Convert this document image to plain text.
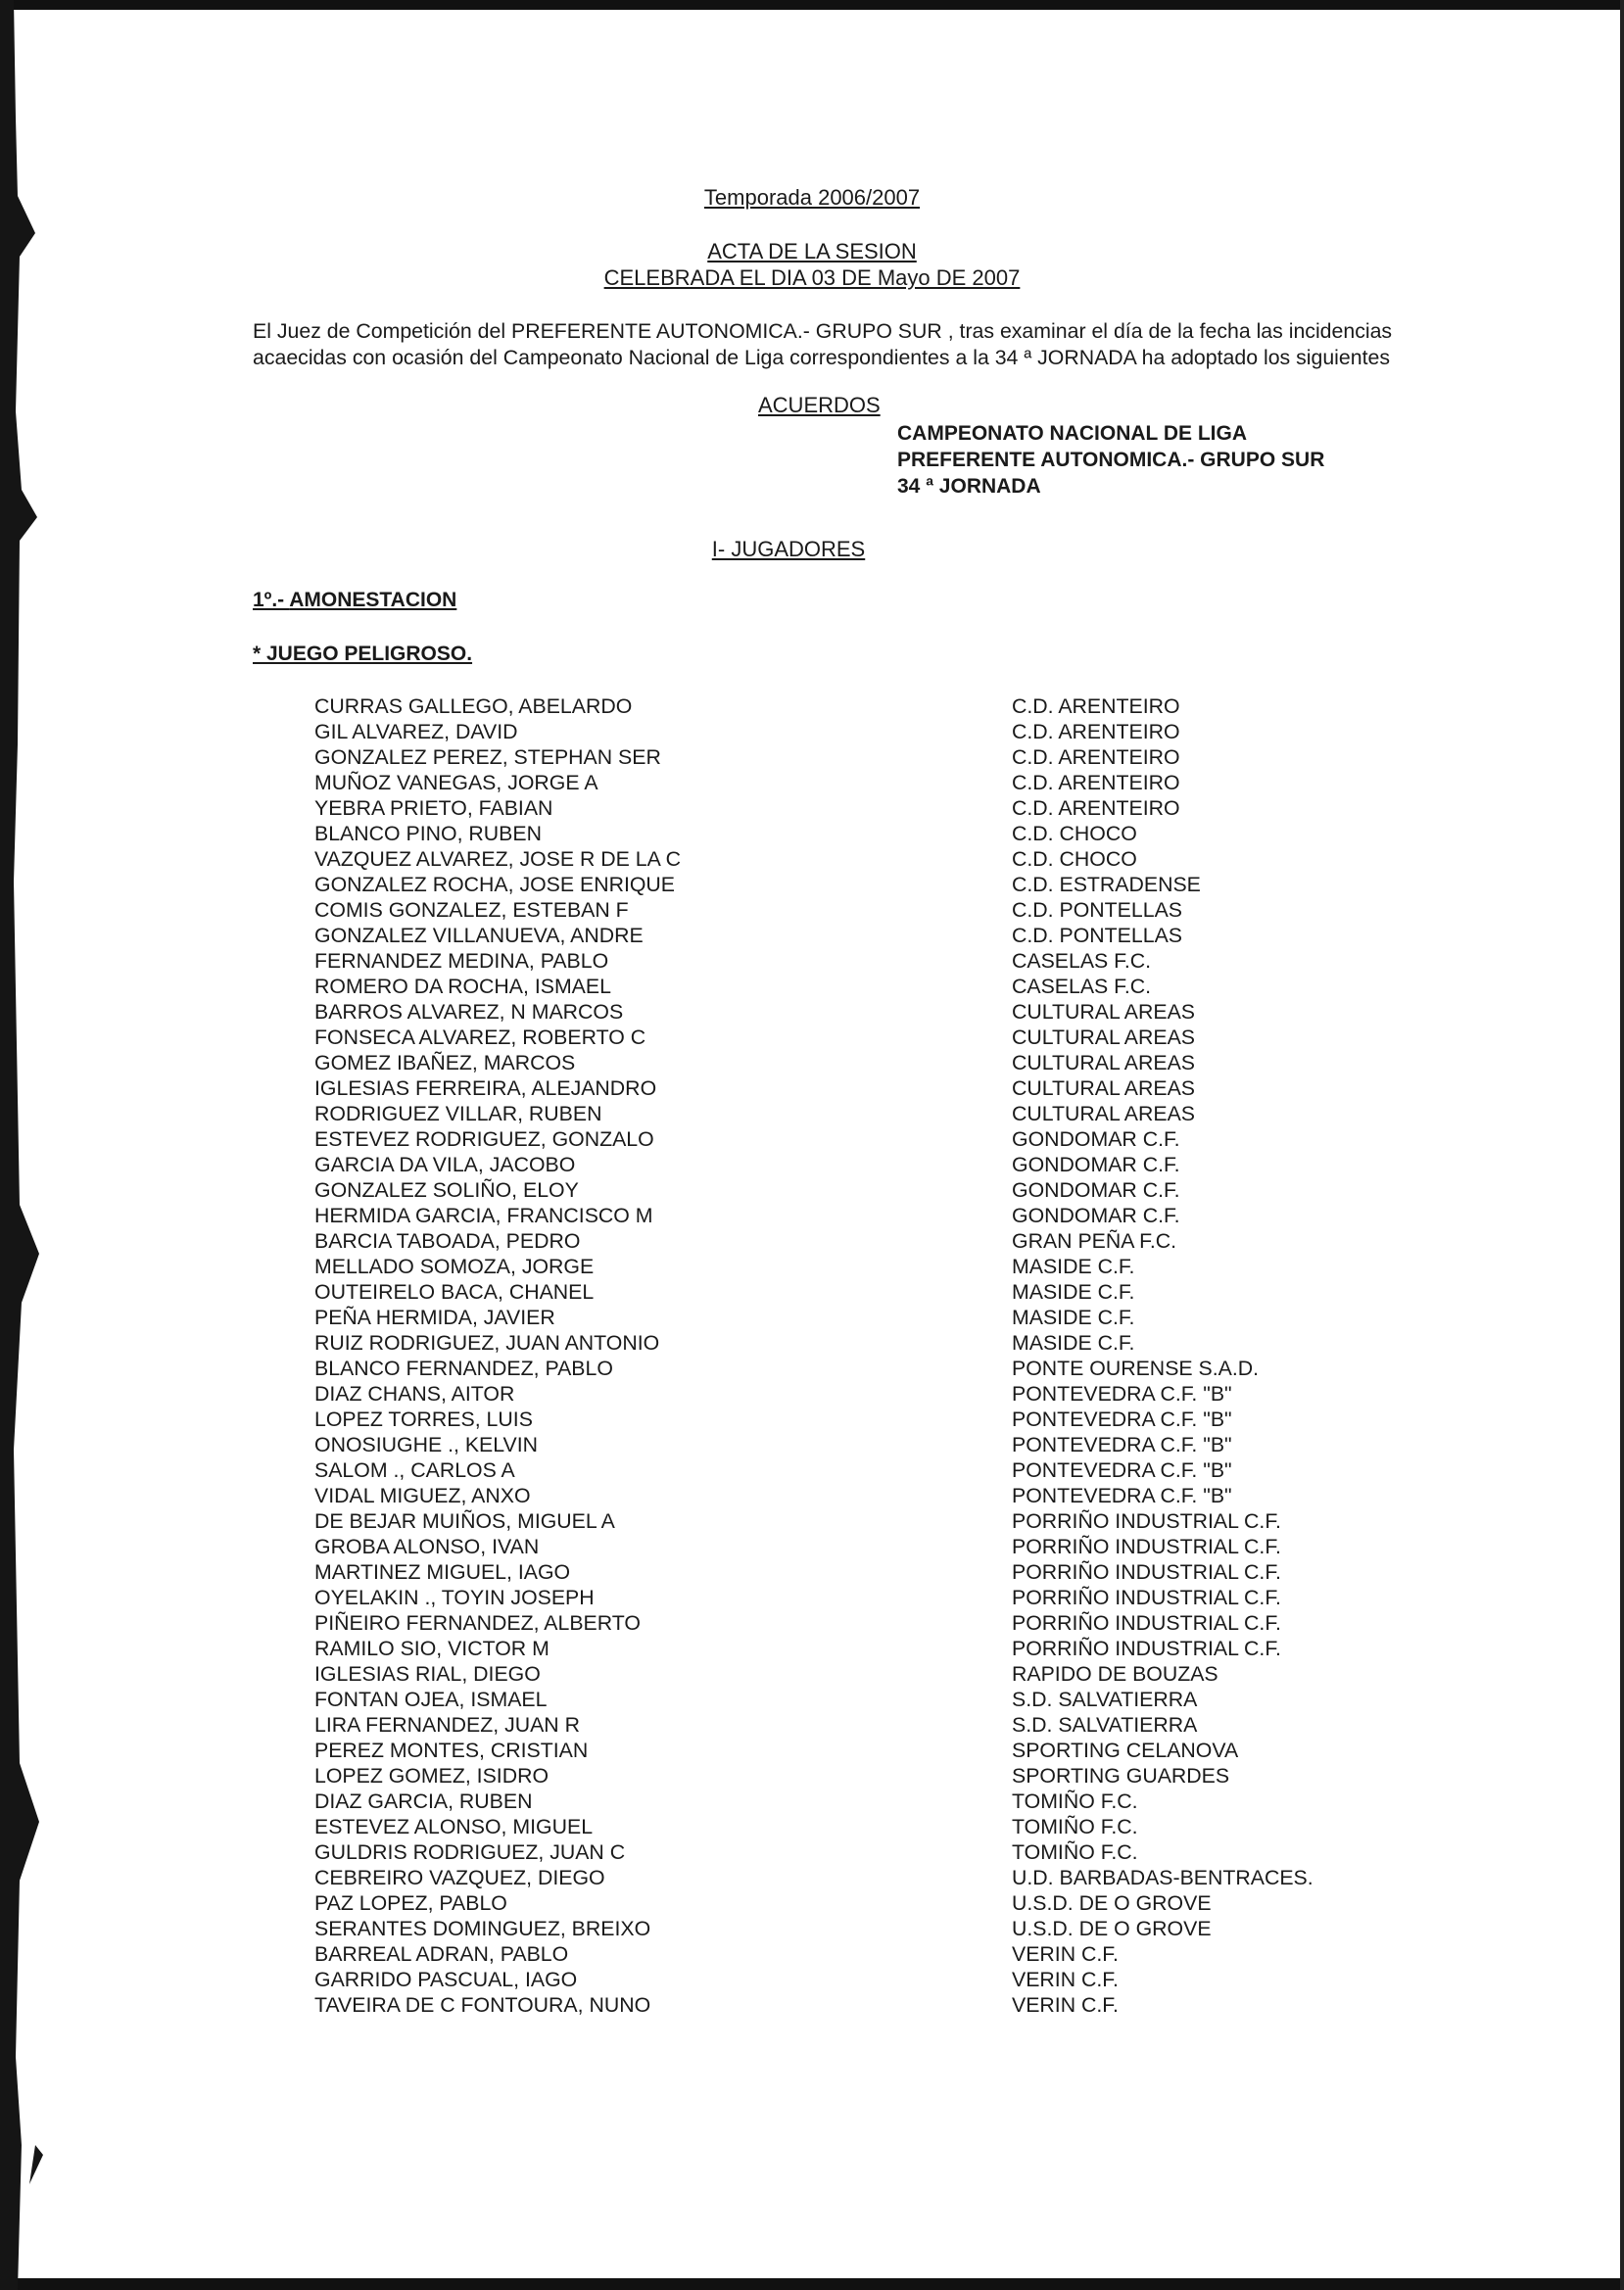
Temporada 2006/2007
ACTA DE LA SESION
CELEBRADA EL DIA 03 DE Mayo DE 2007
El Juez de Competición del PREFERENTE AUTONOMICA.- GRUPO SUR , tras examinar el día de la fecha las incidencias
acaecidas con ocasión del Campeonato Nacional de Liga correspondientes a la 34 ª JORNADA ha adoptado los siguientes
ACUERDOS
CAMPEONATO NACIONAL DE LIGA
PREFERENTE AUTONOMICA.- GRUPO SUR
34 ª JORNADA
I- JUGADORES
1º.- AMONESTACION
* JUEGO PELIGROSO.
CURRAS GALLEGO, ABELARDO	C.D. ARENTEIRO
GIL ALVAREZ, DAVID	C.D. ARENTEIRO
GONZALEZ PEREZ, STEPHAN SER	C.D. ARENTEIRO
MUÑOZ VANEGAS, JORGE A	C.D. ARENTEIRO
YEBRA PRIETO, FABIAN	C.D. ARENTEIRO
BLANCO PINO, RUBEN	C.D. CHOCO
VAZQUEZ ALVAREZ, JOSE R DE LA C	C.D. CHOCO
GONZALEZ ROCHA, JOSE ENRIQUE	C.D. ESTRADENSE
COMIS GONZALEZ, ESTEBAN F	C.D. PONTELLAS
GONZALEZ VILLANUEVA, ANDRE	C.D. PONTELLAS
FERNANDEZ MEDINA, PABLO	CASELAS F.C.
ROMERO DA ROCHA, ISMAEL	CASELAS F.C.
BARROS ALVAREZ, N MARCOS	CULTURAL AREAS
FONSECA ALVAREZ, ROBERTO C	CULTURAL AREAS
GOMEZ IBAÑEZ, MARCOS	CULTURAL AREAS
IGLESIAS FERREIRA, ALEJANDRO	CULTURAL AREAS
RODRIGUEZ VILLAR, RUBEN	CULTURAL AREAS
ESTEVEZ RODRIGUEZ, GONZALO	GONDOMAR C.F.
GARCIA DA VILA, JACOBO	GONDOMAR C.F.
GONZALEZ SOLIÑO, ELOY	GONDOMAR C.F.
HERMIDA GARCIA, FRANCISCO M	GONDOMAR C.F.
BARCIA TABOADA, PEDRO	GRAN PEÑA F.C.
MELLADO SOMOZA, JORGE	MASIDE C.F.
OUTEIRELO BACA, CHANEL	MASIDE C.F.
PEÑA HERMIDA, JAVIER	MASIDE C.F.
RUIZ RODRIGUEZ, JUAN ANTONIO	MASIDE C.F.
BLANCO FERNANDEZ, PABLO	PONTE OURENSE S.A.D.
DIAZ CHANS, AITOR	PONTEVEDRA C.F. "B"
LOPEZ TORRES, LUIS	PONTEVEDRA C.F. "B"
ONOSIUGHE ., KELVIN	PONTEVEDRA C.F. "B"
SALOM ., CARLOS A	PONTEVEDRA C.F. "B"
VIDAL MIGUEZ, ANXO	PONTEVEDRA C.F. "B"
DE BEJAR MUIÑOS, MIGUEL A	PORRIÑO INDUSTRIAL C.F.
GROBA ALONSO, IVAN	PORRIÑO INDUSTRIAL C.F.
MARTINEZ MIGUEL, IAGO	PORRIÑO INDUSTRIAL C.F.
OYELAKIN ., TOYIN JOSEPH	PORRIÑO INDUSTRIAL C.F.
PIÑEIRO FERNANDEZ, ALBERTO	PORRIÑO INDUSTRIAL C.F.
RAMILO SIO, VICTOR M	PORRIÑO INDUSTRIAL C.F.
IGLESIAS RIAL, DIEGO	RAPIDO DE BOUZAS
FONTAN OJEA, ISMAEL	S.D. SALVATIERRA
LIRA FERNANDEZ, JUAN R	S.D. SALVATIERRA
PEREZ MONTES, CRISTIAN	SPORTING CELANOVA
LOPEZ GOMEZ, ISIDRO	SPORTING GUARDES
DIAZ GARCIA, RUBEN	TOMIÑO F.C.
ESTEVEZ ALONSO, MIGUEL	TOMIÑO F.C.
GULDRIS RODRIGUEZ, JUAN C	TOMIÑO F.C.
CEBREIRO VAZQUEZ, DIEGO	U.D. BARBADAS-BENTRACES.
PAZ LOPEZ, PABLO	U.S.D. DE O GROVE
SERANTES DOMINGUEZ, BREIXO	U.S.D. DE O GROVE
BARREAL ADRAN, PABLO	VERIN C.F.
GARRIDO PASCUAL, IAGO	VERIN C.F.
TAVEIRA DE C FONTOURA, NUNO	VERIN C.F.
